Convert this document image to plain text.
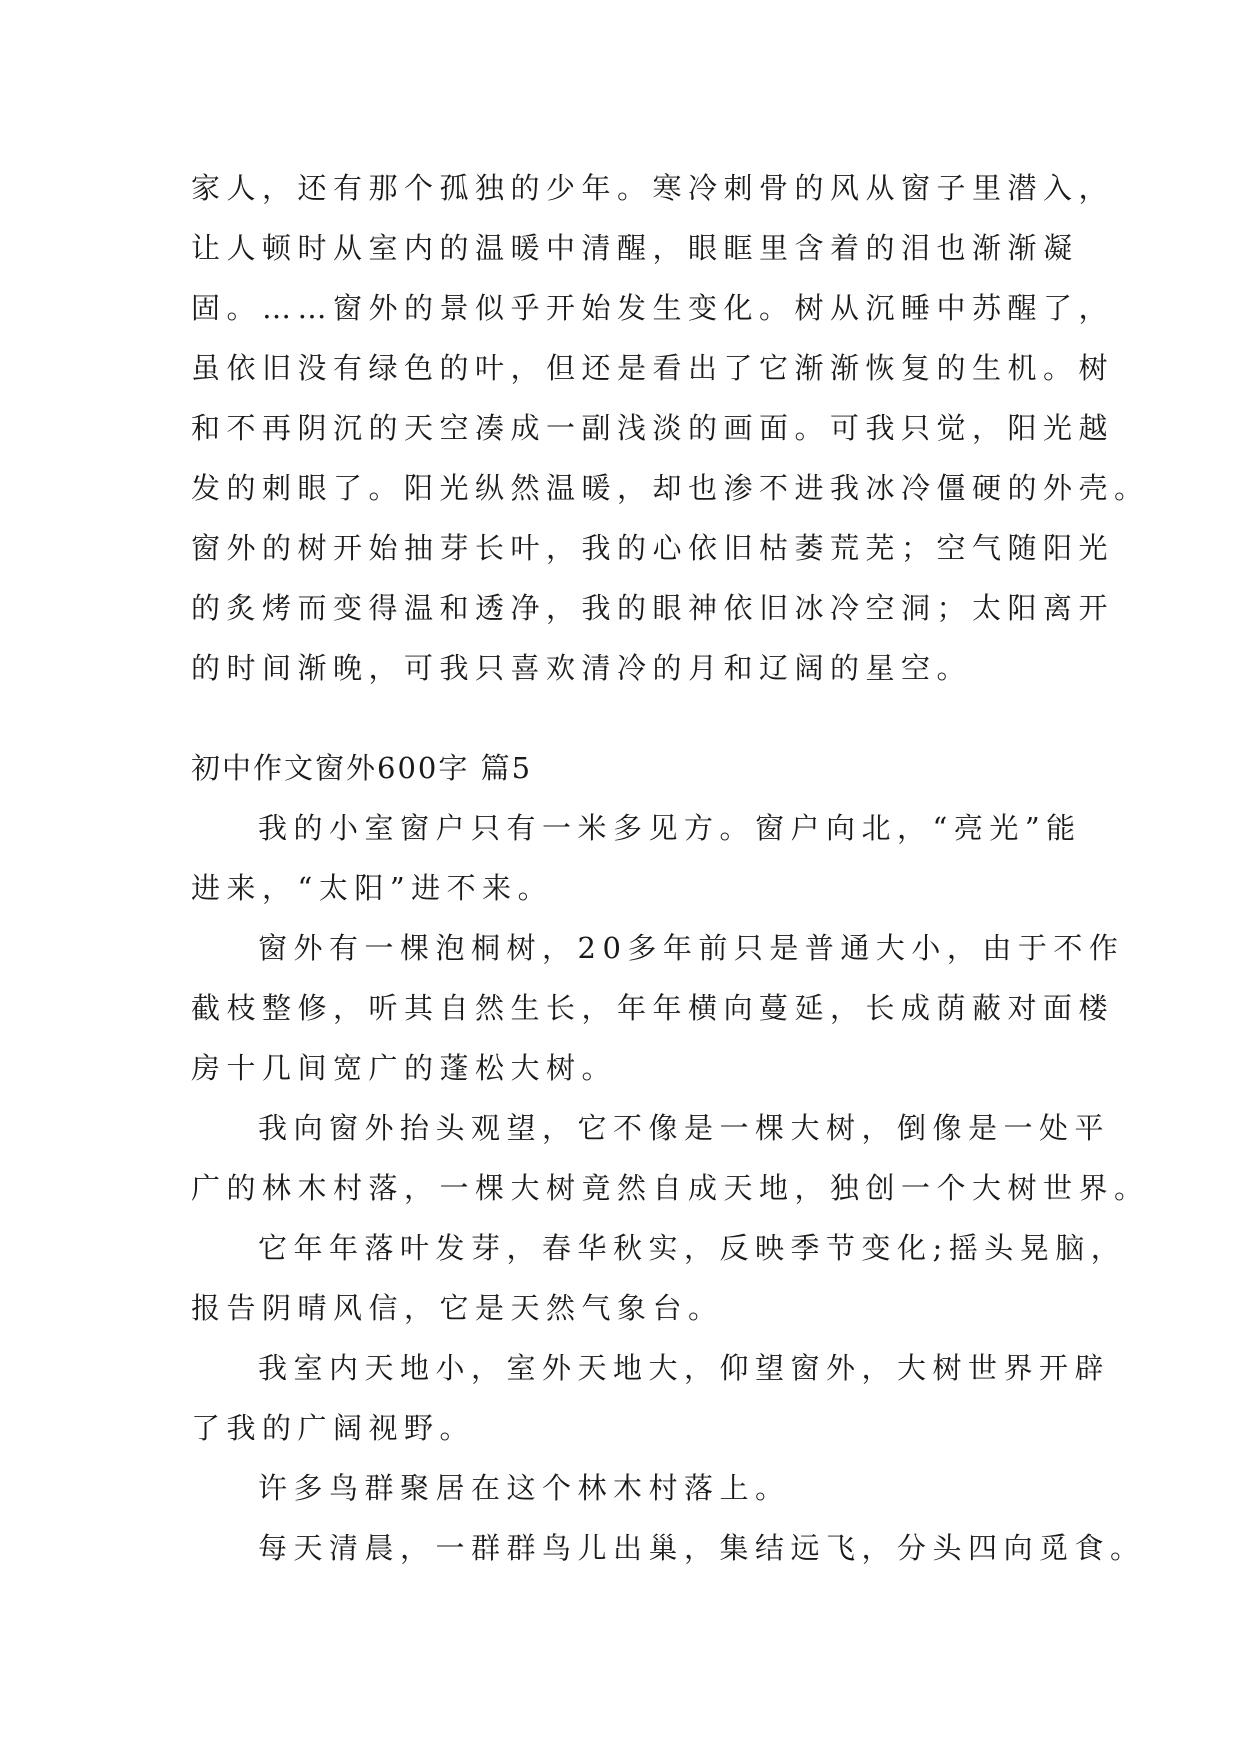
家人，还有那个孤独的少年。寒冷刺骨的风从窗子里潜入，

让人顿时从室内的温暖中清醒，眼眶里含着的泪也渐渐凝

固。……窗外的景似乎开始发生变化。树从沉睡中苏醒了，

虽依旧没有绿色的叶，但还是看出了它渐渐恢复的生机。树

和不再阴沉的天空凑成一副浅淡的画面。可我只觉，阳光越

发的刺眼了。阳光纵然温暖，却也渗不进我冰冷僵硬的外壳。

窗外的树开始抽芽长叶，我的心依旧枯萎荒芜；空气随阳光

的炙烤而变得温和透净，我的眼神依旧冰冷空洞；太阳离开

的时间渐晚，可我只喜欢清冷的月和辽阔的星空。

初中作文窗外600字 篇5

我的小室窗户只有一米多见方。窗户向北，“亮光”能

进来，“太阳”进不来。

窗外有一棵泡桐树，20多年前只是普通大小，由于不作

截枝整修，听其自然生长，年年横向蔓延，长成荫蔽对面楼

房十几间宽广的蓬松大树。

我向窗外抬头观望，它不像是一棵大树，倒像是一处平

广的林木村落，一棵大树竟然自成天地，独创一个大树世界。

它年年落叶发芽，春华秋实，反映季节变化;摇头晃脑，

报告阴晴风信，它是天然气象台。

我室内天地小，室外天地大，仰望窗外，大树世界开辟

了我的广阔视野。

许多鸟群聚居在这个林木村落上。

每天清晨，一群群鸟儿出巢，集结远飞，分头四向觅食。
